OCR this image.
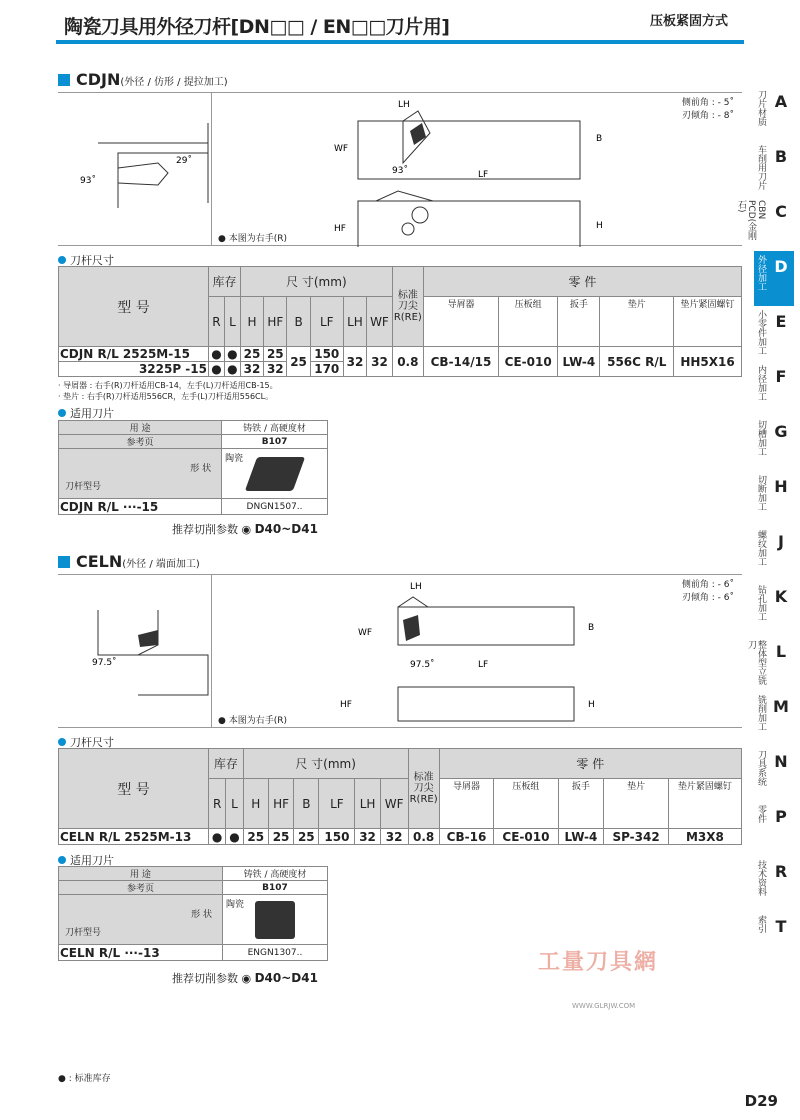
陶瓷刀具用外径刀杆[DN□□ / EN□□刀片用]	压板紧固方式
刀片材质 A
车削用刀片 B
CBN PCD(金刚石)	C
外径加工 D
小零件加工 E
内径加工 F
切槽加工 G
切断加工 H
螺纹加工 J
钻孔加工 K
整体型立铣刀	L
铣削加工 M
刀具系统 N
零件 P
技术资料 R
索引 T
CDJN(外径 / 仿形 / 提拉加工)
LH
LF
WF
B
H
HF
93˚
29˚
93˚
侧前角 : - 5˚
刃倾角 : - 8˚
● 本图为右手(R)
刀杆尺寸
型 号	库存		尺 寸(mm)						标准刀尖R(RE)	零 件				
	R	L	H	HF	B	LF	LH	WF		导屑器	压板组	扳手	垫片	垫片紧固螺钉
CDJN R/L 2525M-15	●	●	25	25	25	150	32	32	0.8	CB-14/15	CE-010	LW-4	556C R/L	HH5X16
3225P -15	●	●	32	32		170								
· 导屑器 : 右手(R)刀杆适用CB-14，左手(L)刀杆适用CB-15。
· 垫片 : 右手(R)刀杆适用556CR，左手(L)刀杆适用556CL。
适用刀片
用 途	铸铁 / 高硬度材
参考页	B107

形 状
刀杆型号	陶瓷

CDJN R/L ···-15	DNGN1507..
推荐切削参数 ◉ D40~D41
CELN(外径 / 端面加工)
LH
LF
WF	B
H
HF
97.5˚	97.5˚
侧前角 : - 6˚
刃倾角 : - 6˚
● 本图为右手(R)
刀杆尺寸
型 号	库存		尺 寸(mm)						标准刀尖R(RE)	零 件				
	R	L	H	HF	B	LF	LH	WF		导屑器	压板组	扳手	垫片	垫片紧固螺钉
CELN R/L 2525M-13	●	●	25	25	25	150	32	32	0.8	CB-16	CE-010	LW-4	SP-342	M3X8
适用刀片
用 途	铸铁 / 高硬度材
参考页	B107

形 状
刀杆型号	陶瓷

CELN R/L ···-13	ENGN1307..
推荐切削参数 ◉ D40~D41
工量刀具網
WWW.GLRJW.COM
● : 标准库存
D29
